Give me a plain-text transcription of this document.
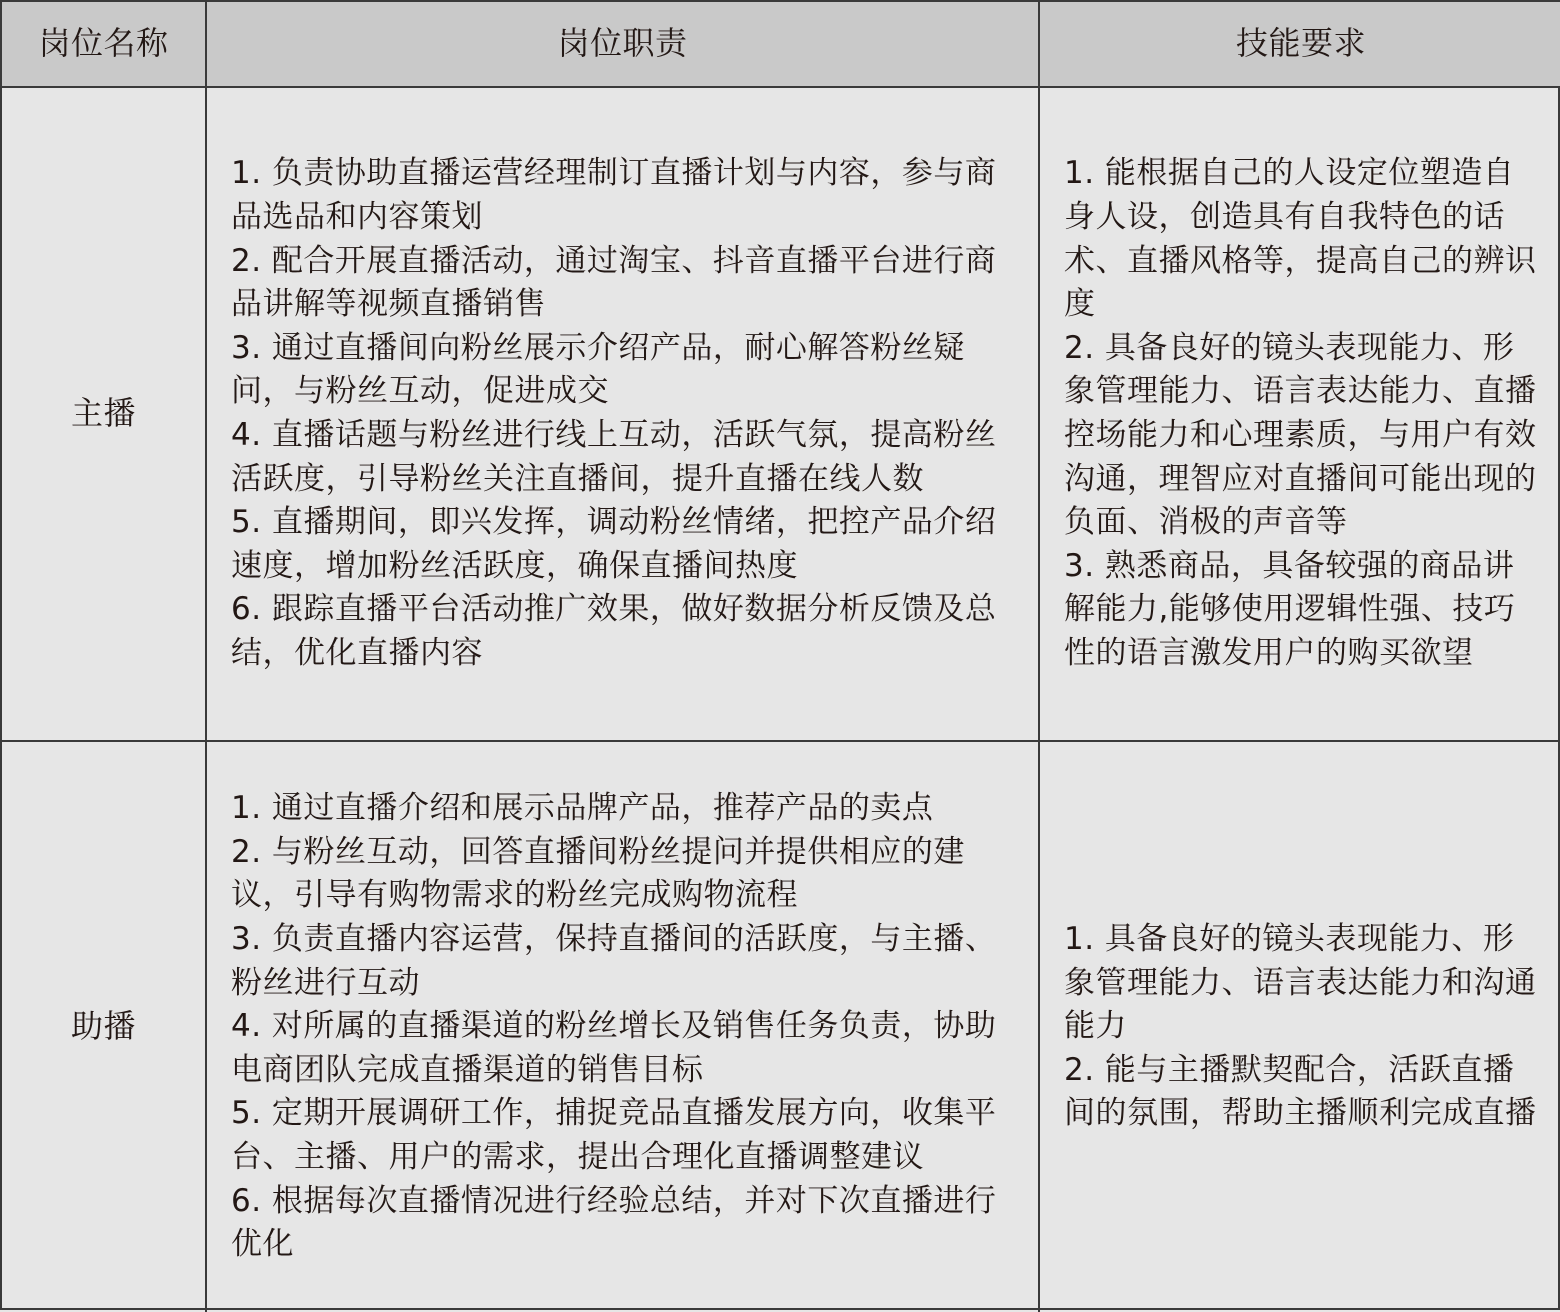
岗位名称	岗位职责	技能要求
主播

1. 负责协助直播运营经理制订直播计划与内容，参与商品选品和内容策划

2. 配合开展直播活动，通过淘宝、抖音直播平台进行商品讲解等视频直播销售

3. 通过直播间向粉丝展示介绍产品，耐心解答粉丝疑问，与粉丝互动，促进成交

4. 直播话题与粉丝进行线上互动，活跃气氛，提高粉丝活跃度，引导粉丝关注直播间，提升直播在线人数

5. 直播期间，即兴发挥，调动粉丝情绪，把控产品介绍速度，增加粉丝活跃度，确保直播间热度

6. 跟踪直播平台活动推广效果，做好数据分析反馈及总结，优化直播内容

1. 能根据自己的人设定位塑造自身人设，创造具有自我特色的话术、直播风格等，提高自己的辨识度

2. 具备良好的镜头表现能力、形象管理能力、语言表达能力、直播控场能力和心理素质，与用户有效沟通，理智应对直播间可能出现的负面、消极的声音等

3. 熟悉商品，具备较强的商品讲解能力,能够使用逻辑性强、技巧性的语言激发用户的购买欲望

助播

1. 通过直播介绍和展示品牌产品，推荐产品的卖点

2. 与粉丝互动，回答直播间粉丝提问并提供相应的建议，引导有购物需求的粉丝完成购物流程

3. 负责直播内容运营，保持直播间的活跃度，与主播、粉丝进行互动

4. 对所属的直播渠道的粉丝增长及销售任务负责，协助电商团队完成直播渠道的销售目标

5. 定期开展调研工作，捕捉竞品直播发展方向，收集平台、主播、用户的需求，提出合理化直播调整建议

6. 根据每次直播情况进行经验总结，并对下次直播进行优化

1. 具备良好的镜头表现能力、形象管理能力、语言表达能力和沟通能力

2. 能与主播默契配合，活跃直播间的氛围，帮助主播顺利完成直播
